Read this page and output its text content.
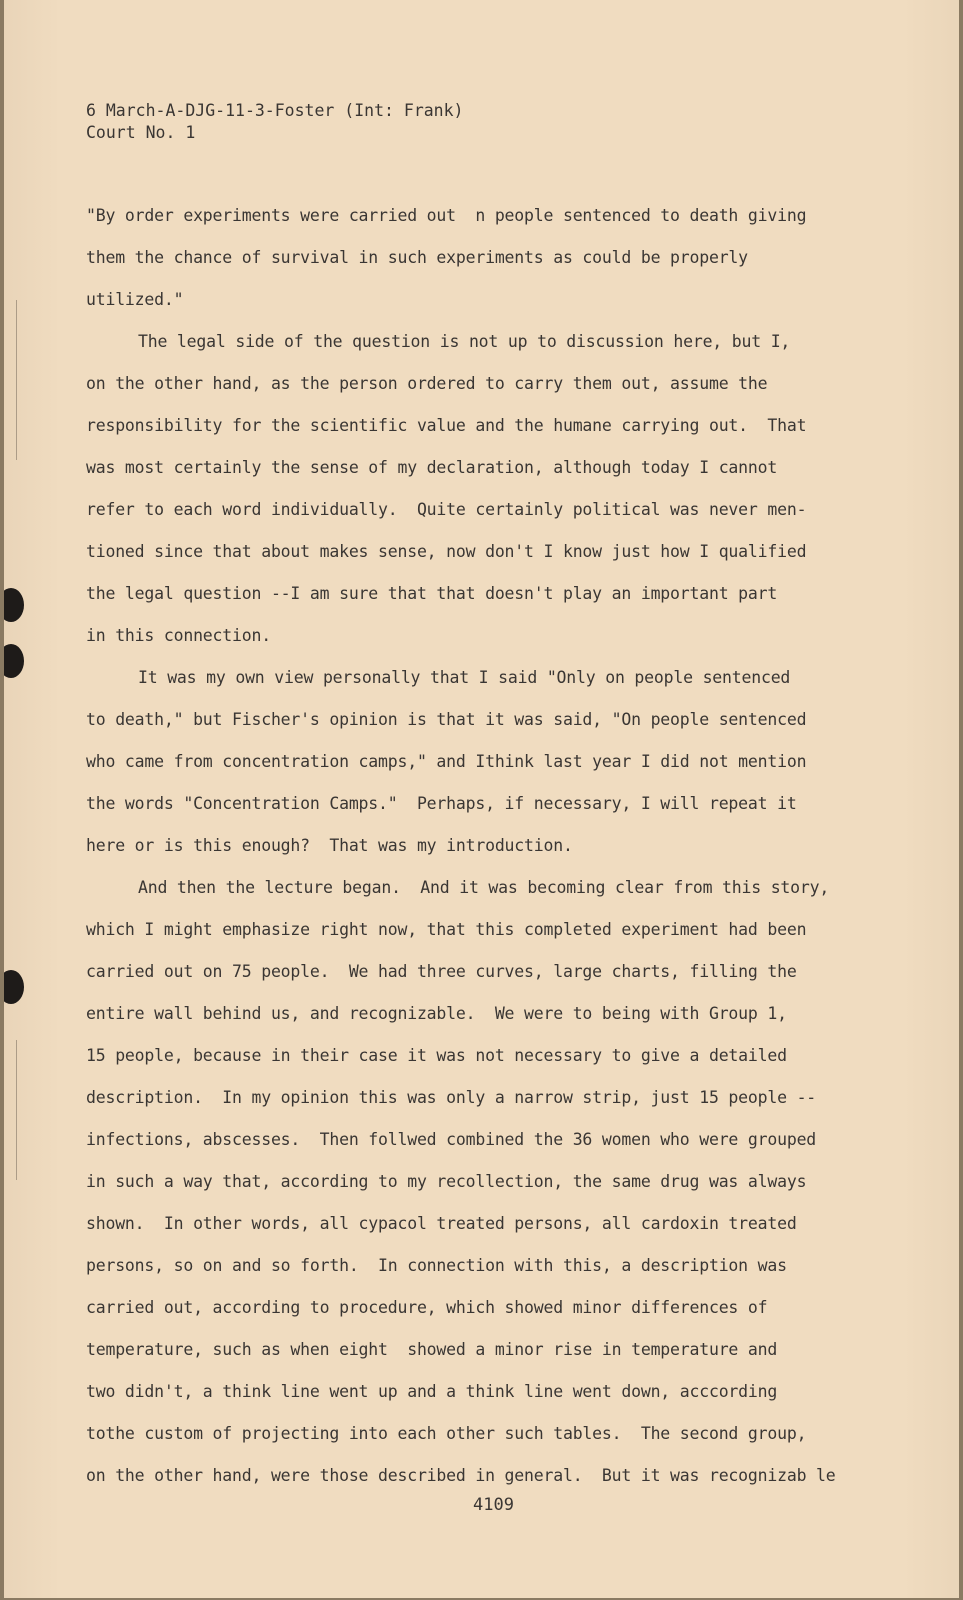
6 March-A-DJG-11-3-Foster (Int: Frank)
Court No. 1
"By order experiments were carried out  n people sentenced to death giving
them the chance of survival in such experiments as could be properly
utilized."
The legal side of the question is not up to discussion here, but I,
on the other hand, as the person ordered to carry them out, assume the
responsibility for the scientific value and the humane carrying out.  That
was most certainly the sense of my declaration, although today I cannot
refer to each word individually.  Quite certainly political was never men-
tioned since that about makes sense, now don't I know just how I qualified
the legal question --I am sure that that doesn't play an important part
in this connection.
It was my own view personally that I said "Only on people sentenced
to death," but Fischer's opinion is that it was said, "On people sentenced
who came from concentration camps," and Ithink last year I did not mention
the words "Concentration Camps."  Perhaps, if necessary, I will repeat it
here or is this enough?  That was my introduction.
And then the lecture began.  And it was becoming clear from this story,
which I might emphasize right now, that this completed experiment had been
carried out on 75 people.  We had three curves, large charts, filling the
entire wall behind us, and recognizable.  We were to being with Group 1,
15 people, because in their case it was not necessary to give a detailed
description.  In my opinion this was only a narrow strip, just 15 people --
infections, abscesses.  Then follwed combined the 36 women who were grouped
in such a way that, according to my recollection, the same drug was always
shown.  In other words, all cypacol treated persons, all cardoxin treated
persons, so on and so forth.  In connection with this, a description was
carried out, according to procedure, which showed minor differences of
temperature, such as when eight  showed a minor rise in temperature and
two didn't, a think line went up and a think line went down, acccording
tothe custom of projecting into each other such tables.  The second group,
on the other hand, were those described in general.  But it was recognizab le
4109
